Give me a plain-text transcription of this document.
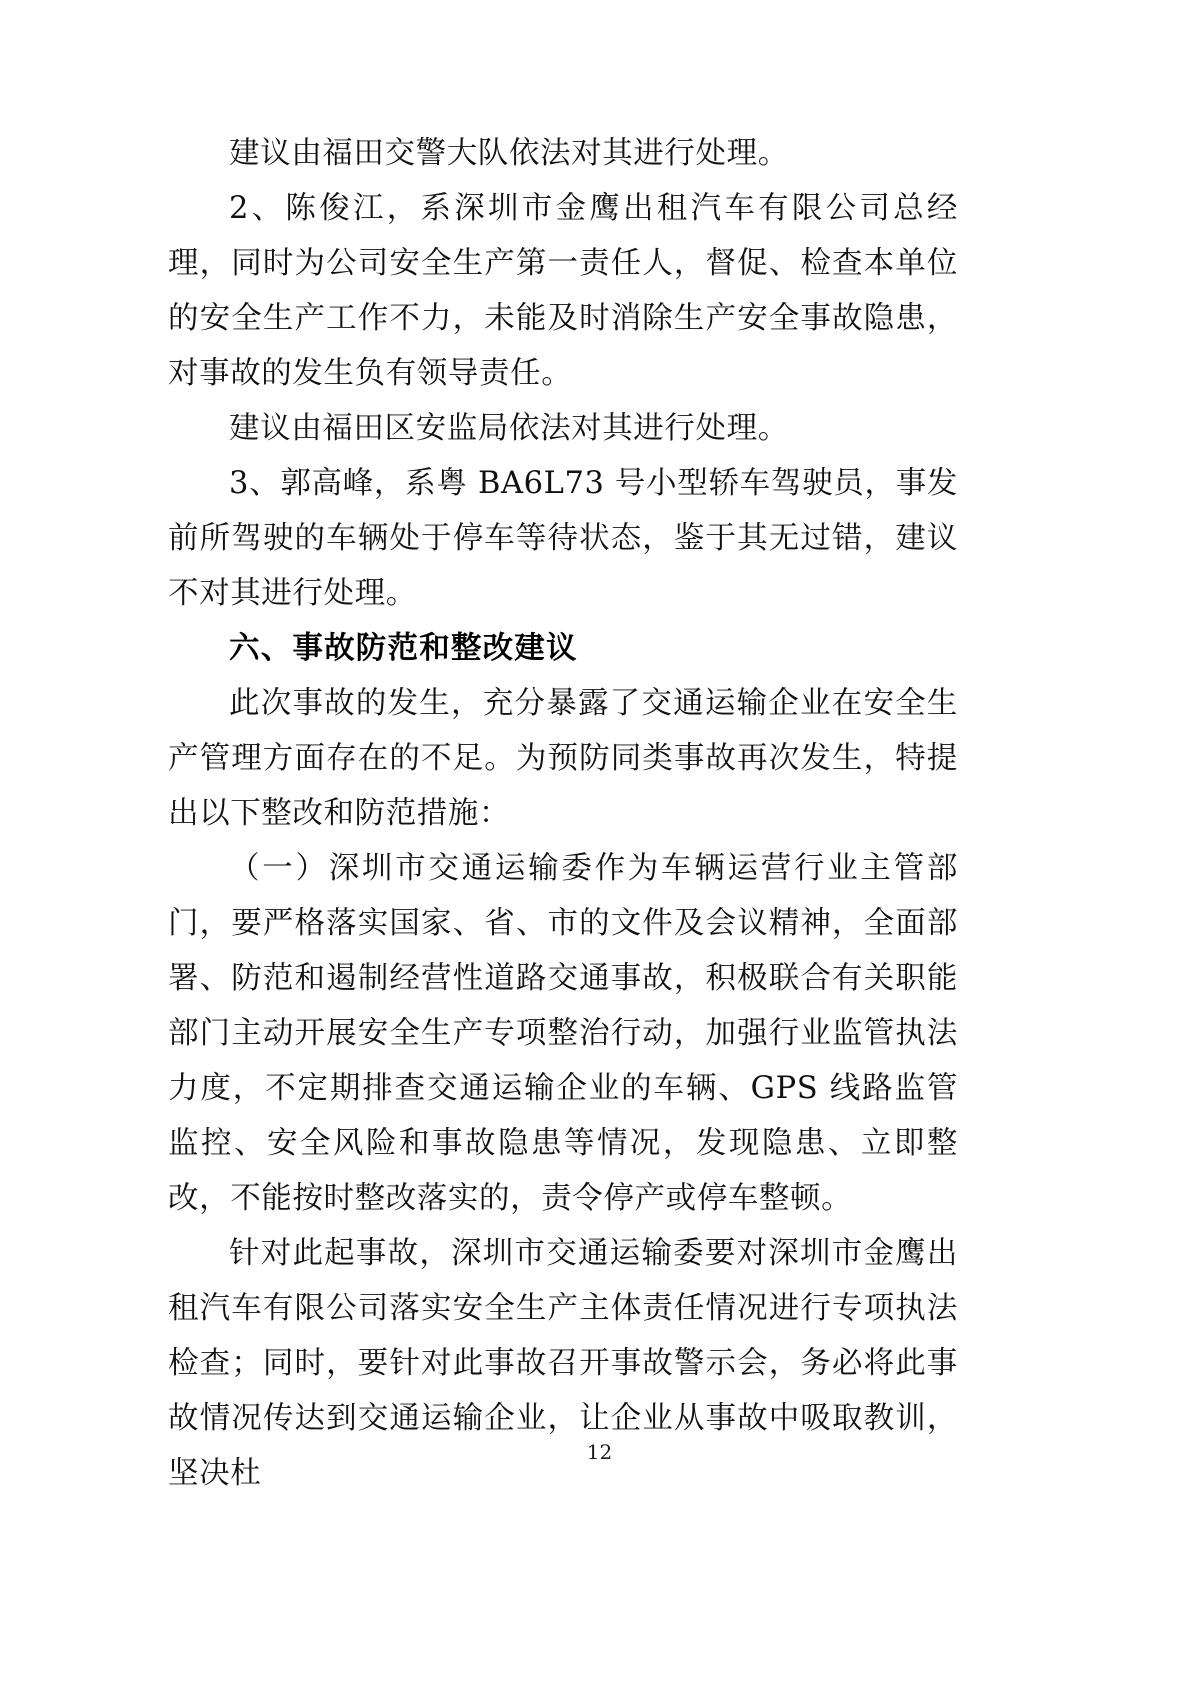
建议由福田交警大队依法对其进行处理。

2、陈俊江，系深圳市金鹰出租汽车有限公司总经理，同时为公司安全生产第一责任人，督促、检查本单位的安全生产工作不力，未能及时消除生产安全事故隐患，对事故的发生负有领导责任。

建议由福田区安监局依法对其进行处理。

3、郭高峰，系粤 BA6L73 号小型轿车驾驶员，事发前所驾驶的车辆处于停车等待状态，鉴于其无过错，建议不对其进行处理。

六、事故防范和整改建议

此次事故的发生，充分暴露了交通运输企业在安全生产管理方面存在的不足。为预防同类事故再次发生，特提出以下整改和防范措施：

（一）深圳市交通运输委作为车辆运营行业主管部门，要严格落实国家、省、市的文件及会议精神，全面部署、防范和遏制经营性道路交通事故，积极联合有关职能部门主动开展安全生产专项整治行动，加强行业监管执法力度，不定期排查交通运输企业的车辆、GPS 线路监管监控、安全风险和事故隐患等情况，发现隐患、立即整改，不能按时整改落实的，责令停产或停车整顿。

针对此起事故，深圳市交通运输委要对深圳市金鹰出租汽车有限公司落实安全生产主体责任情况进行专项执法检查；同时，要针对此事故召开事故警示会，务必将此事故情况传达到交通运输企业，让企业从事故中吸取教训，坚决杜

12
